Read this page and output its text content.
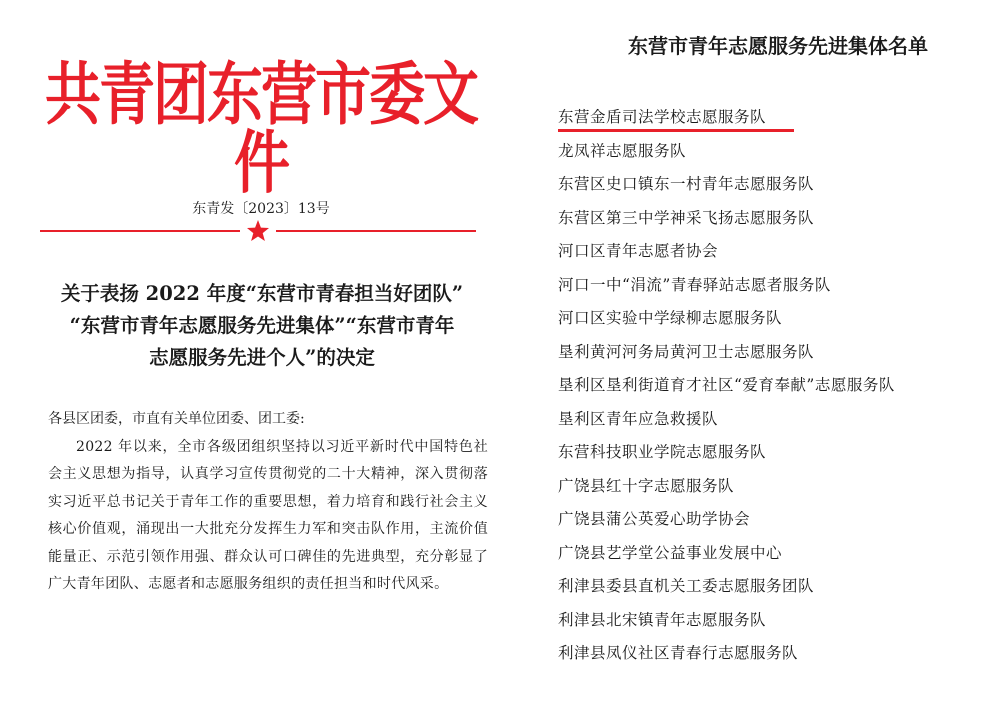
共青团东营市委文件
东青发〔2023〕13号
关于表扬 2022 年度“东营市青春担当好团队”
“东营市青年志愿服务先进集体”“东营市青年
志愿服务先进个人”的决定

各县区团委，市直有关单位团委、团工委:

2022 年以来，全市各级团组织坚持以习近平新时代中国特色社会主义思想为指导，认真学习宣传贯彻党的二十大精神，深入贯彻落实习近平总书记关于青年工作的重要思想，着力培育和践行社会主义核心价值观，涌现出一大批充分发挥生力军和突击队作用，主流价值能量正、示范引领作用强、群众认可口碑佳的先进典型，充分彰显了广大青年团队、志愿者和志愿服务组织的责任担当和时代风采。

东营市青年志愿服务先进集体名单
东营金盾司法学校志愿服务队
龙凤祥志愿服务队
东营区史口镇东一村青年志愿服务队
东营区第三中学神采飞扬志愿服务队
河口区青年志愿者协会
河口一中“涓流”青春驿站志愿者服务队
河口区实验中学绿柳志愿服务队
垦利黄河河务局黄河卫士志愿服务队
垦利区垦利街道育才社区“爱育奉献”志愿服务队
垦利区青年应急救援队
东营科技职业学院志愿服务队
广饶县红十字志愿服务队
广饶县蒲公英爱心助学协会
广饶县艺学堂公益事业发展中心
利津县委县直机关工委志愿服务团队
利津县北宋镇青年志愿服务队
利津县凤仪社区青春行志愿服务队
